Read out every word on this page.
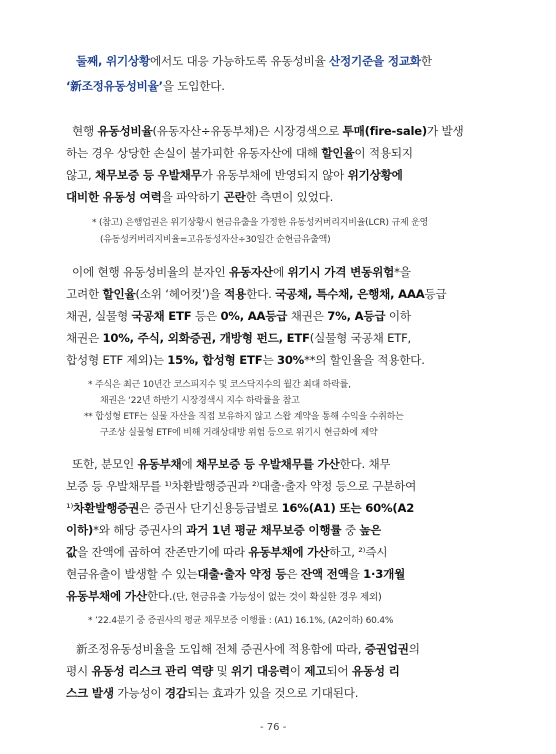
둘째, 위기상황에서도 대응 가능하도록 유동성비율 산정기준을 정교화한
‘新조정유동성비율’을 도입한다.
현행 유동성비율(유동자산÷유동부채)은 시장경색으로 투매(fire-sale)가 발생
하는 경우 상당한 손실이 불가피한 유동자산에 대해 할인율이 적용되지
않고, 채무보증 등 우발채무가 유동부채에 반영되지 않아 위기상황에
대비한 유동성 여력을 파악하기 곤란한 측면이 있었다.
* (참고) 은행업권은 위기상황시 현금유출을 가정한 유동성커버리지비율(LCR) 규제 운영
(유동성커버리지비율=고유동성자산÷30일간 순현금유출액)
이에 현행 유동성비율의 분자인 유동자산에 위기시 가격 변동위험*을
고려한 할인율(소위 ‘헤어컷’)을 적용한다. 국공채, 특수채, 은행채, AAA등급
채권, 실물형 국공채 ETF 등은 0%, AA등급 채권은 7%, A등급 이하
채권은 10%, 주식, 외화증권, 개방형 펀드, ETF(실물형 국공채 ETF,
합성형 ETF 제외)는 15%, 합성형 ETF는 30%**의 할인율을 적용한다.
* 주식은 최근 10년간 코스피지수 및 코스닥지수의 월간 최대 하락률,
채권은 ‘22년 하반기 시장경색시 지수 하락률을 참고
** 합성형 ETF는 실물 자산을 직접 보유하지 않고 스왑 계약을 통해 수익을 수취하는
구조상 실물형 ETF에 비해 거래상대방 위험 등으로 위기시 현금화에 제약
또한, 분모인 유동부채에 채무보증 등 우발채무를 가산한다. 채무
보증 등 우발채무를 ¹⁾차환발행증권과 ²⁾대출·출자 약정 등으로 구분하여
¹⁾차환발행증권은 증권사 단기신용등급별로 16%(A1) 또는 60%(A2
이하)*와 해당 증권사의 과거 1년 평균 채무보증 이행률 중 높은
값을 잔액에 곱하여 잔존만기에 따라 유동부채에 가산하고, ²⁾즉시
현금유출이 발생할 수 있는대출·출자 약정 등은 잔액 전액을 1·3개월
유동부채에 가산한다.(단, 현금유출 가능성이 없는 것이 확실한 경우 제외)
* ’22.4분기 중 증권사의 평균 채무보증 이행률 : (A1) 16.1%, (A2이하) 60.4%
新조정유동성비율을 도입해 전체 증권사에 적용함에 따라, 증권업권의
평시 유동성 리스크 관리 역량 및 위기 대응력이 제고되어 유동성 리
스크 발생 가능성이 경감되는 효과가 있을 것으로 기대된다.
- 76 -
